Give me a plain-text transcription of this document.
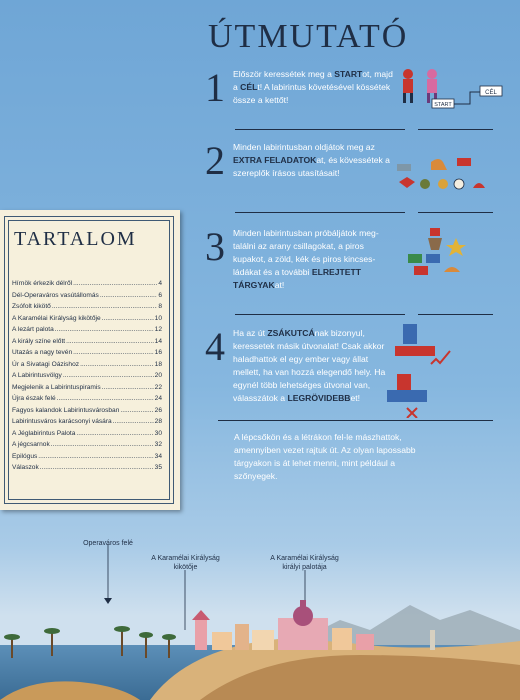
ÚTMUTATÓ
1 Először keressétek meg a STARTot, majd a CÉLt! A labirintus követésével kössétek össze a kettőt!	START
CÉL
2 Minden labirintusban oldjátok meg az EXTRA FELADATOKat, és kövessétek a szereplők írásos utasításait!
3 Minden labirintusban próbáljátok meg-találni az arany csillagokat, a piros kupakot, a zöld, kék és piros kincses-ládákat és a további ELREJTETT TÁRGYAKat!
4 Ha az út ZSÁKUTCÁnak bizonyul, keressetek másik útvonalat! Csak akkor haladhattok el egy ember vagy állat mellett, ha van hozzá elegendő hely. Ha egynél több lehetséges útvonal van, válasszátok a LEGRÖVIDEBBet!
A lépcsőkön és a létrákon fel-le mászhattok, amennyiben vezet rajtuk út. Az olyan lapossabb tárgyakon is át lehet menni, mint például a szőnyegek.
TARTALOM
Hírnök érkezik délről .....	4
Dél-Operaváros vasútállomás .....	6
Zsófolt kikötő .....	8
A Karamélai Királyság kikötője .....	10
A lezárt palota .....	12
A király színe előtt .....	14
Utazás a nagy tevén .....	16
Úr a Sivatagi Oázishoz .....	18
A Labirintusvölgy .....	20
Megjelenik a Labirintuspiramis .....	22
Újra észak felé .....	24
Fagyos kalandok Labirintusvárosban .....	26
Labirintusváros karácsonyi vására .....	28
A Jéglabirintus Palota .....	30
A jégcsarnok .....	32
Epilógus .....	34
Válaszok .....	35
Operaváros felé
A Karamélai Királyság
kikötője
A Karamélai Királyság
királyi palotája
